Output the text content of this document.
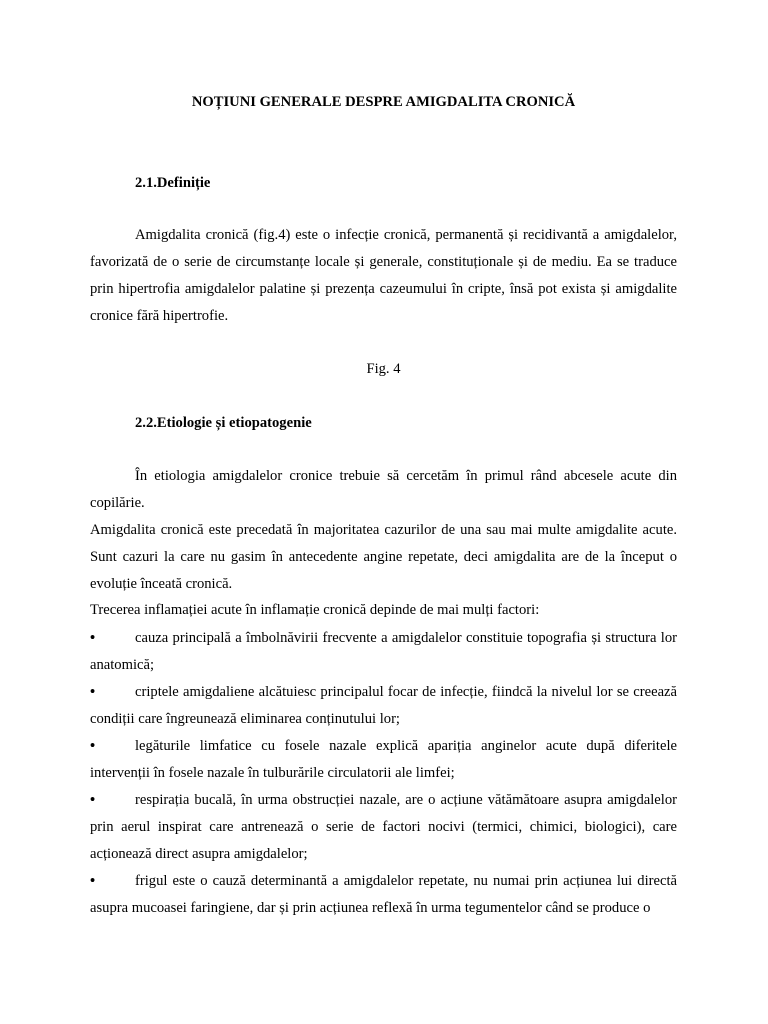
NOȚIUNI GENERALE DESPRE AMIGDALITA CRONICĂ
2.1.Definiție
Amigdalita cronică (fig.4) este o infecție cronică, permanentă și recidivantă a amigdalelor, favorizată de o serie de circumstanțe locale și generale, constituționale și de mediu. Ea se traduce prin hipertrofia amigdalelor palatine și prezența cazeumului în cripte, însă pot exista și amigdalite cronice fără hipertrofie.
Fig. 4
2.2.Etiologie și etiopatogenie
În etiologia amigdalelor cronice trebuie să cercetăm în primul rând abcesele acute din copilărie.
Amigdalita cronică este precedată în majoritatea cazurilor de una sau mai multe amigdalite acute. Sunt cazuri la care nu gasim în antecedente angine repetate, deci amigdalita are de la început o evoluție înceată cronică.
Trecerea inflamației acute în inflamație cronică depinde de mai mulți factori:
•	cauza principală a îmbolnăvirii frecvente a amigdalelor constituie topografia și structura lor anatomică;
•	criptele amigdaliene alcătuiesc principalul focar de infecție, fiindcă la nivelul lor se creează condiții care îngreunează eliminarea conținutului lor;
•	legăturile limfatice cu fosele nazale explică apariția anginelor acute după diferitele intervenții în fosele nazale în tulburările circulatorii ale limfei;
•	respirația bucală, în urma obstrucției nazale, are o acțiune vătămătoare asupra amigdalelor prin aerul inspirat care antrenează o serie de factori nocivi (termici, chimici, biologici), care acționează direct asupra amigdalelor;
•	frigul este o cauză determinantă a amigdalelor repetate, nu numai prin acțiunea lui directă asupra mucoasei faringiene, dar și prin acțiunea reflexă în urma tegumentelor când se produce o
